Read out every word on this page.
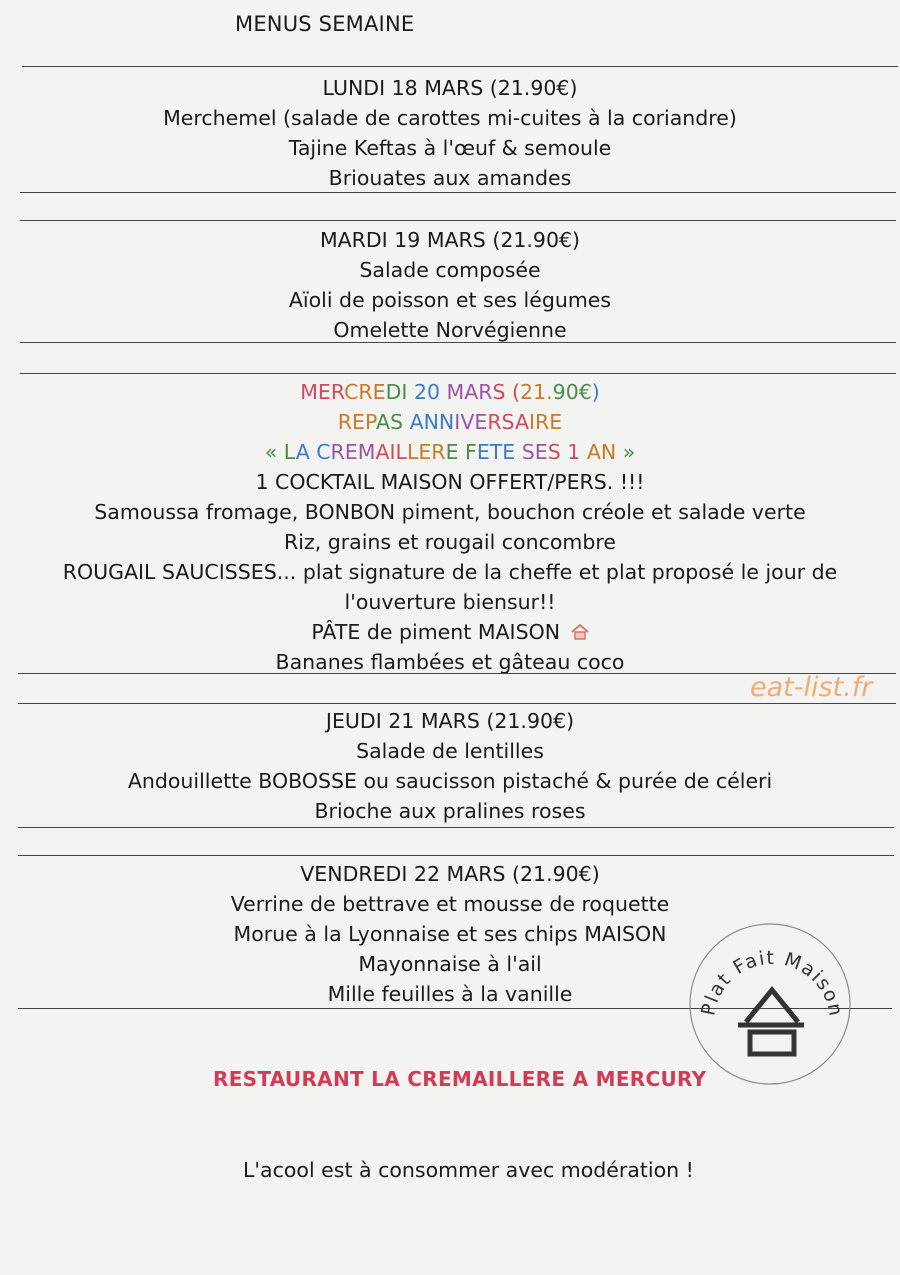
MENUS SEMAINE
LUNDI 18 MARS (21.90€)
Merchemel (salade de carottes mi-cuites à la coriandre)
Tajine Keftas à l'œuf & semoule
Briouates aux amandes
MARDI 19 MARS (21.90€)
Salade composée
Aïoli de poisson et ses légumes
Omelette Norvégienne
MERCREDI 20 MARS (21.90€)
REPAS ANNIVERSAIRE
« LA CREMAILLERE FETE SES 1 AN »
1 COCKTAIL MAISON OFFERT/PERS. !!!
Samoussa fromage, BONBON piment, bouchon créole et salade verte
Riz, grains et rougail concombre
ROUGAIL SAUCISSES... plat signature de la cheffe et plat proposé le jour de
l'ouverture biensur!!
PÂTE de piment MAISON
Bananes flambées et gâteau coco
eat-list.fr
JEUDI 21 MARS (21.90€)
Salade de lentilles
Andouillette BOBOSSE ou saucisson pistaché & purée de céleri
Brioche aux pralines roses
VENDREDI 22 MARS (21.90€)
Verrine de bettrave et mousse de roquette
Morue à la Lyonnaise et ses chips MAISON
Mayonnaise à l'ail
Mille feuilles à la vanille
Plat Fait Maison
RESTAURANT LA CREMAILLERE A MERCURY
L'acool est à consommer avec modération !
